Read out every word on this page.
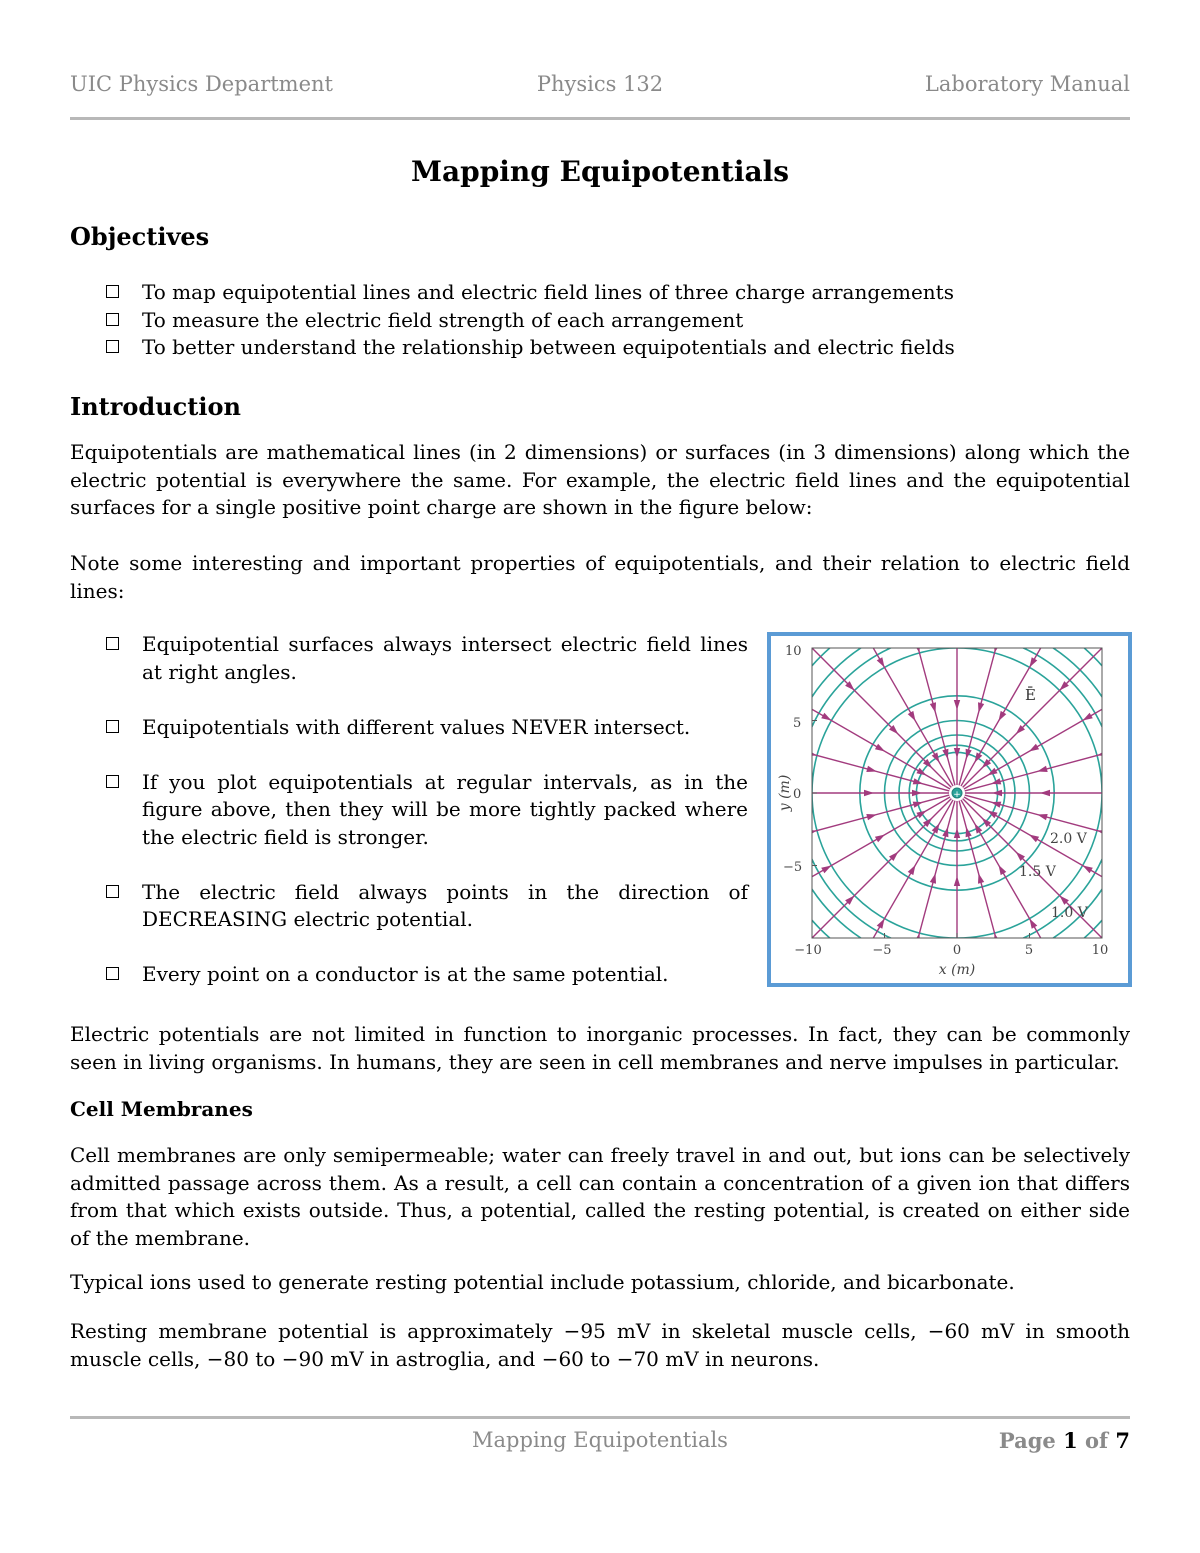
UIC Physics Department	Physics 132	Laboratory Manual
Mapping Equipotentials
Objectives
To map equipotential lines and electric field lines of three charge arrangements
To measure the electric field strength of each arrangement
To better understand the relationship between equipotentials and electric fields
Introduction

Equipotentials are mathematical lines (in 2 dimensions) or surfaces (in 3 dimensions) along which the electric potential is everywhere the same. For example, the electric field lines and the equipotential surfaces for a single positive point charge are shown in the figure below:

Note some interesting and important properties of equipotentials, and their relation to electric field lines:

Equipotential surfaces always intersect electric field lines at right angles.
Equipotentials with different values NEVER intersect.
If you plot equipotentials at regular intervals, as in the figure above, then they will be more tightly packed where the electric field is stronger.
The electric field always points in the direction of DECREASING electric potential.
Every point on a conductor is at the same potential.
+
Ē
2.0 V
1.5 V
1.0 V
x (m)
y (m)
10
5
0
−5
−10	−5	0	5	10

Electric potentials are not limited in function to inorganic processes. In fact, they can be commonly seen in living organisms. In humans, they are seen in cell membranes and nerve impulses in particular.

Cell Membranes

Cell membranes are only semipermeable; water can freely travel in and out, but ions can be selectively admitted passage across them. As a result, a cell can contain a concentration of a given ion that differs from that which exists outside. Thus, a potential, called the resting potential, is created on either side of the membrane.

Typical ions used to generate resting potential include potassium, chloride, and bicarbonate.

Resting membrane potential is approximately −95 mV in skeletal muscle cells, −60 mV in smooth muscle cells, −80 to −90 mV in astroglia, and −60 to −70 mV in neurons.

Mapping Equipotentials	Page 1 of 7
